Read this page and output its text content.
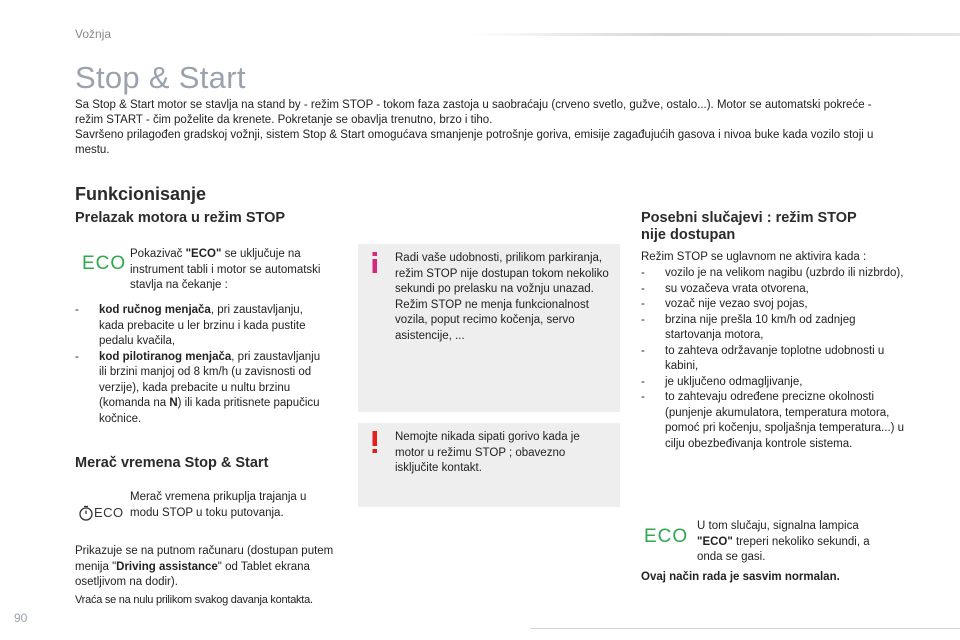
Vožnja
Stop & Start

Sa Stop & Start motor se stavlja na stand by - režim STOP - tokom faza zastoja u saobraćaju (crveno svetlo, gužve, ostalo...). Motor se automatski pokreće - režim START - čim poželite da krenete. Pokretanje se obavlja trenutno, brzo i tiho.

Savršeno prilagođen gradskoj vožnji, sistem Stop & Start omogućava smanjenje potrošnje goriva, emisije zagađujućih gasova i nivoa buke kada vozilo stoji u mestu.

Funkcionisanje
Prelazak motora u režim STOP
ECO Pokazivač "ECO" se uključuje na instrument tabli i motor se automatski stavlja na čekanje :
- kod ručnog menjača, pri zaustavljanju, kada prebacite u ler brzinu i kada pustite pedalu kvačila,
- kod pilotiranog menjača, pri zaustavljanju ili brzini manjoj od 8 km/h (u zavisnosti od verzije), kada prebacite u nultu brzinu (komanda na N) ili kada pritisnete papučicu kočnice.
Merač vremena Stop & Start
ECO
Merač vremena prikuplja trajanja u modu STOP u toku putovanja.
Prikazuje se na putnom računaru (dostupan putem menija "Driving assistance" od Tablet ekrana osetljivom na dodir).
Vraća se na nulu prilikom svakog davanja kontakta.
Radi vaše udobnosti, prilikom parkiranja, režim STOP nije dostupan tokom nekoliko sekundi po prelasku na vožnju unazad.
Režim STOP ne menja funkcionalnost vozila, poput recimo kočenja, servo asistencije, ...
Nemojte nikada sipati gorivo kada je motor u režimu STOP ; obavezno isključite kontakt.
Posebni slučajevi : režim STOP
nije dostupan
Režim STOP se uglavnom ne aktivira kada :
- vozilo je na velikom nagibu (uzbrdo ili nizbrdo),
- su vozačeva vrata otvorena,
- vozač nije vezao svoj pojas,
- brzina nije prešla 10 km/h od zadnjeg startovanja motora,
- to zahteva održavanje toplotne udobnosti u kabini,
- je uključeno odmagljivanje,
- to zahtevaju određene precizne okolnosti (punjenje akumulatora, temperatura motora, pomoć pri kočenju, spoljašnja temperatura...) u cilju obezbeđivanja kontrole sistema.
ECO U tom slučaju, signalna lampica "ECO" treperi nekoliko sekundi, a onda se gasi.
Ovaj način rada je sasvim normalan.
90
